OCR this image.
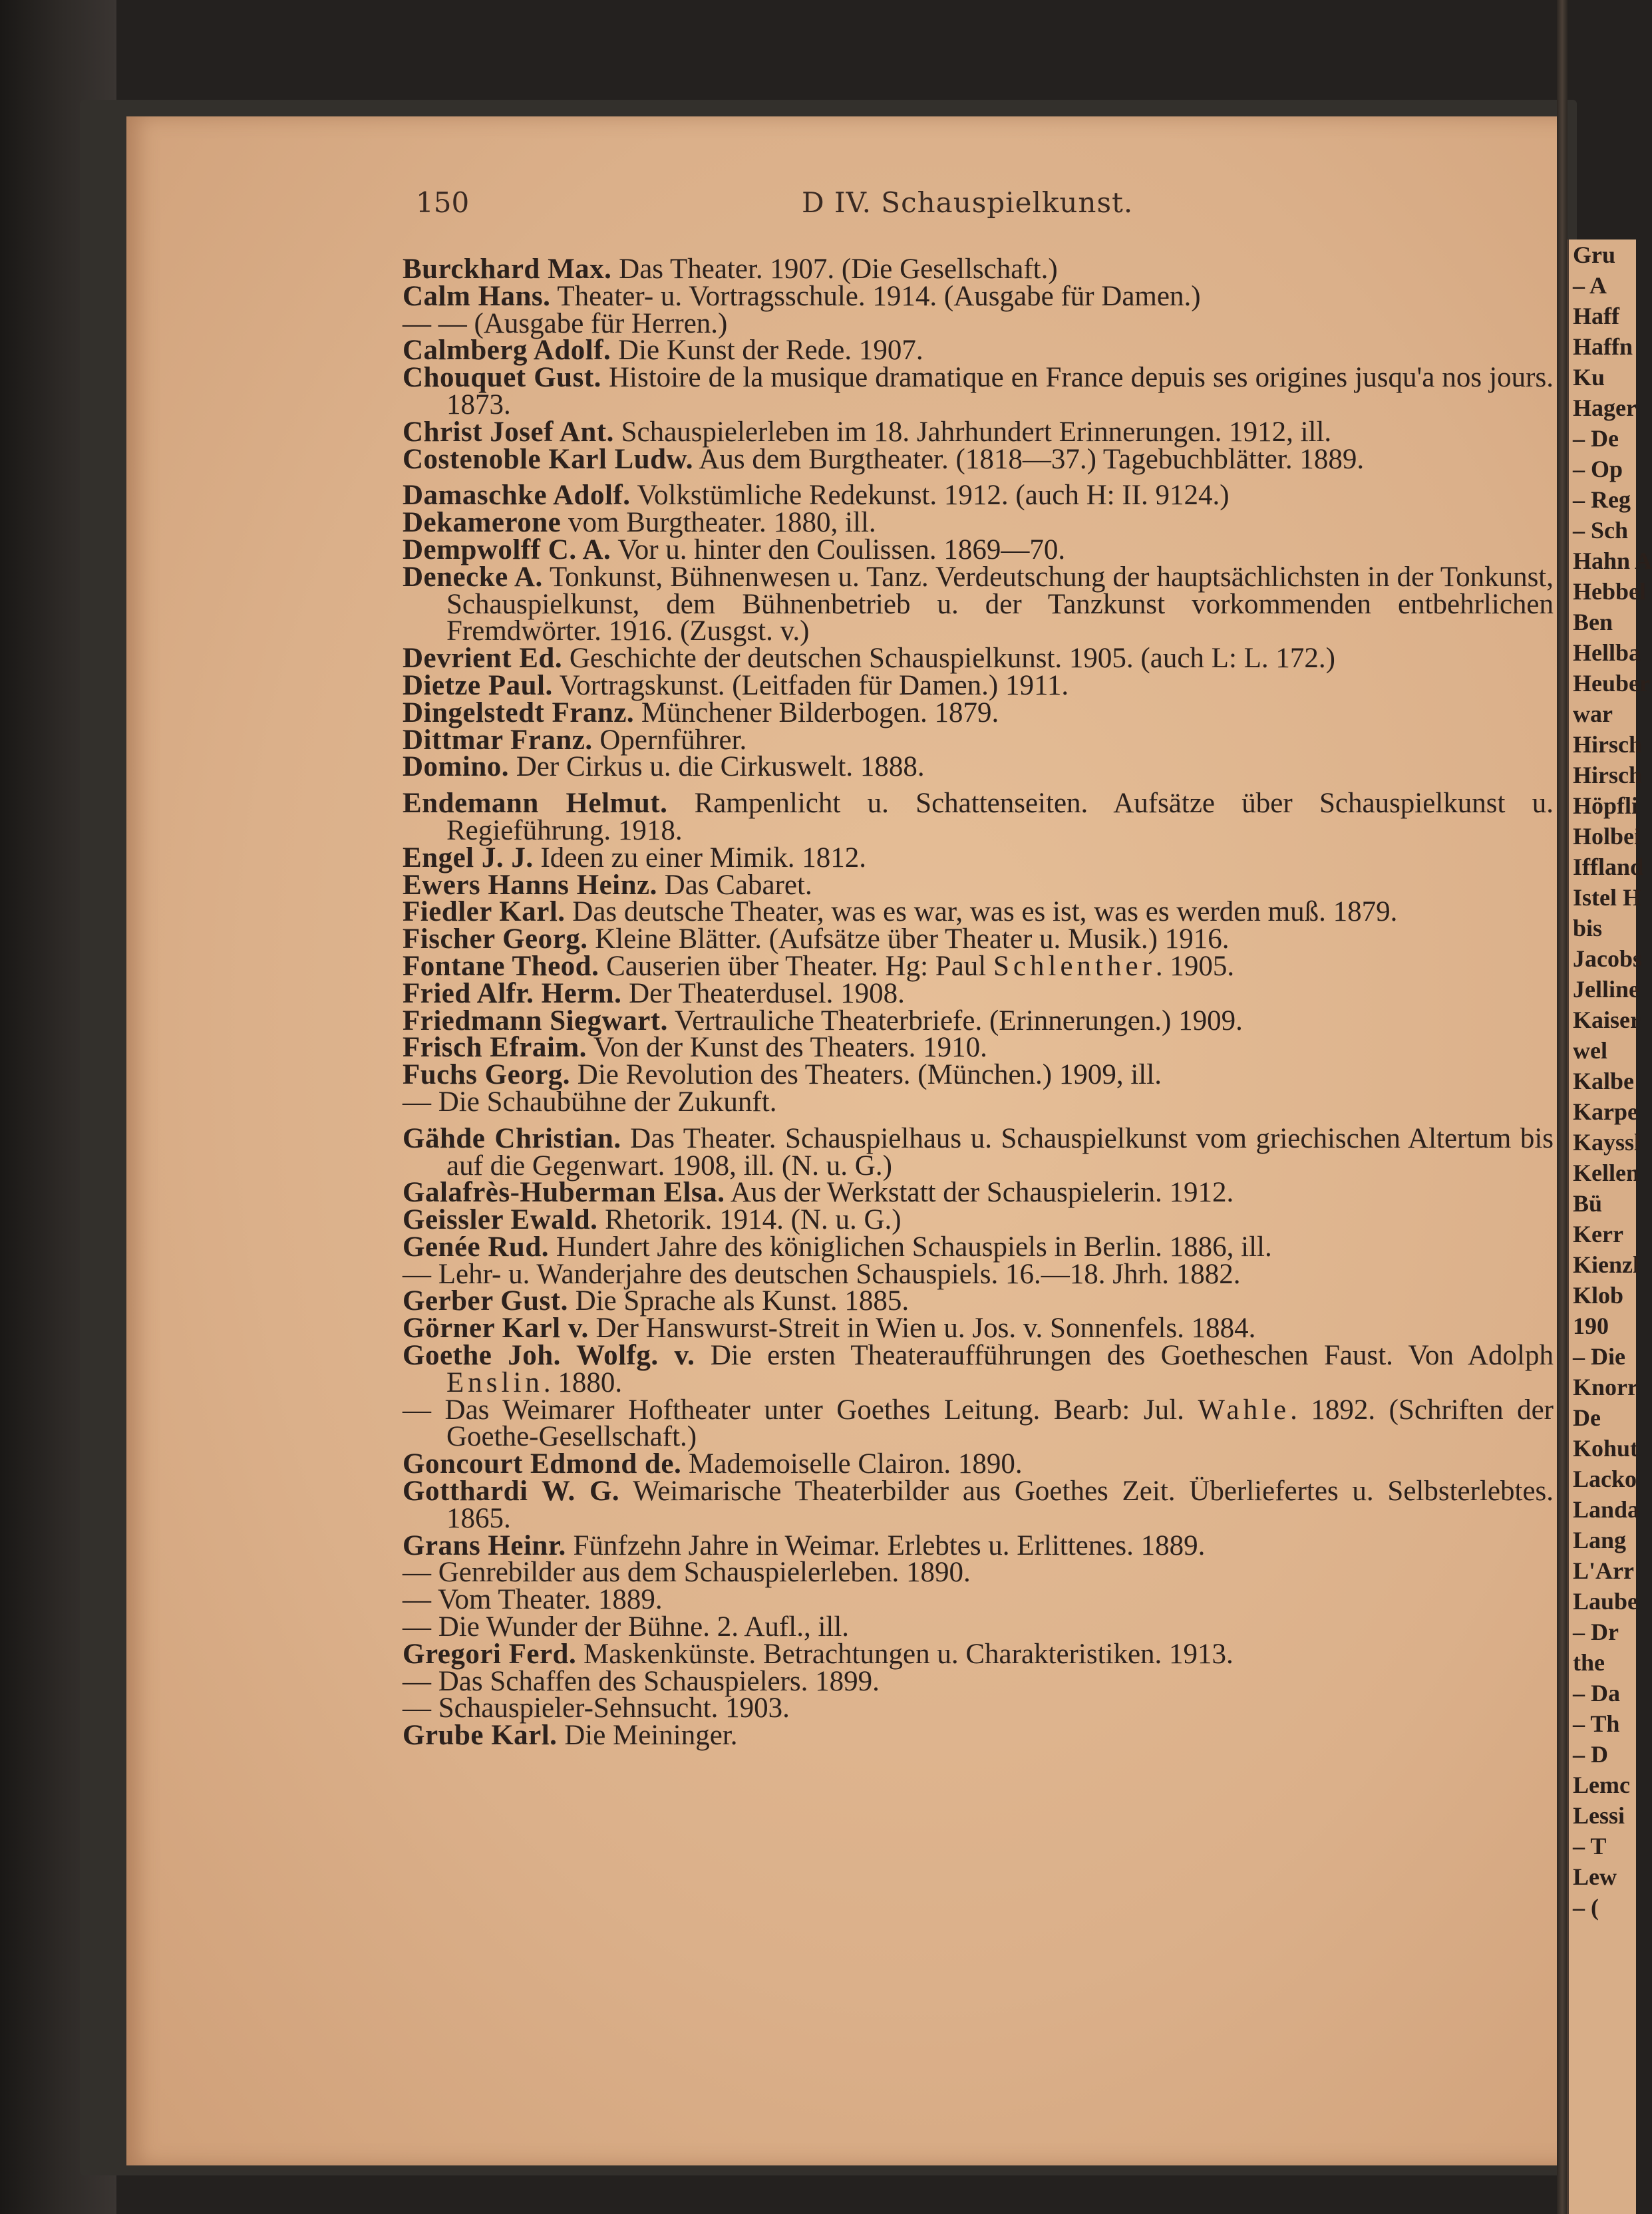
150	D IV. Schauspielkunst.
Burckhard Max. Das Theater. 1907. (Die Gesellschaft.)
Calm Hans. Theater- u. Vortragsschule. 1914. (Ausgabe für Damen.)
— — (Ausgabe für Herren.)
Calmberg Adolf. Die Kunst der Rede. 1907.
Chouquet Gust. Histoire de la musique dramatique en France depuis ses origines jusqu'a nos jours. 1873.
Christ Josef Ant. Schauspielerleben im 18. Jahrhundert Erinnerungen. 1912, ill.
Costenoble Karl Ludw. Aus dem Burgtheater. (1818—37.) Tagebuchblätter. 1889.
Damaschke Adolf. Volkstümliche Redekunst. 1912. (auch H: II. 9124.)
Dekamerone vom Burgtheater. 1880, ill.
Dempwolff C. A. Vor u. hinter den Coulissen. 1869—70.
Denecke A. Tonkunst, Bühnenwesen u. Tanz. Verdeutschung der hauptsächlichsten in der Tonkunst, Schauspielkunst, dem Bühnenbetrieb u. der Tanzkunst vorkommenden entbehrlichen Fremdwörter. 1916. (Zusgst. v.)
Devrient Ed. Geschichte der deutschen Schauspielkunst. 1905. (auch L: L. 172.)
Dietze Paul. Vortragskunst. (Leitfaden für Damen.) 1911.
Dingelstedt Franz. Münchener Bilderbogen. 1879.
Dittmar Franz. Opernführer.
Domino. Der Cirkus u. die Cirkuswelt. 1888.
Endemann Helmut. Rampenlicht u. Schattenseiten. Aufsätze über Schauspielkunst u. Regieführung. 1918.
Engel J. J. Ideen zu einer Mimik. 1812.
Ewers Hanns Heinz. Das Cabaret.
Fiedler Karl. Das deutsche Theater, was es war, was es ist, was es werden muß. 1879.
Fischer Georg. Kleine Blätter. (Aufsätze über Theater u. Musik.) 1916.
Fontane Theod. Causerien über Theater. Hg: Paul Schlenther. 1905.
Fried Alfr. Herm. Der Theaterdusel. 1908.
Friedmann Siegwart. Vertrauliche Theaterbriefe. (Erinnerungen.) 1909.
Frisch Efraim. Von der Kunst des Theaters. 1910.
Fuchs Georg. Die Revolution des Theaters. (München.) 1909, ill.
— Die Schaubühne der Zukunft.
Gähde Christian. Das Theater. Schauspielhaus u. Schauspielkunst vom griechischen Altertum bis auf die Gegenwart. 1908, ill. (N. u. G.)
Galafrès-Huberman Elsa. Aus der Werkstatt der Schauspielerin. 1912.
Geissler Ewald. Rhetorik. 1914. (N. u. G.)
Genée Rud. Hundert Jahre des königlichen Schauspiels in Berlin. 1886, ill.
— Lehr- u. Wanderjahre des deutschen Schauspiels. 16.—18. Jhrh. 1882.
Gerber Gust. Die Sprache als Kunst. 1885.
Görner Karl v. Der Hanswurst-Streit in Wien u. Jos. v. Sonnenfels. 1884.
Goethe Joh. Wolfg. v. Die ersten Theateraufführungen des Goetheschen Faust. Von Adolph Enslin. 1880.
— Das Weimarer Hoftheater unter Goethes Leitung. Bearb: Jul. Wahle. 1892. (Schriften der Goethe-Gesellschaft.)
Goncourt Edmond de. Mademoiselle Clairon. 1890.
Gotthardi W. G. Weimarische Theaterbilder aus Goethes Zeit. Überliefertes u. Selbsterlebtes. 1865.
Grans Heinr. Fünfzehn Jahre in Weimar. Erlebtes u. Erlittenes. 1889.
— Genrebilder aus dem Schauspielerleben. 1890.
— Vom Theater. 1889.
— Die Wunder der Bühne. 2. Aufl., ill.
Gregori Ferd. Maskenkünste. Betrachtungen u. Charakteristiken. 1913.
— Das Schaffen des Schauspielers. 1899.
— Schauspieler-Sehnsucht. 1903.
Grube Karl. Die Meininger.
Gru
– A
Haff
Haffn
Ku
Hager
– De
– Op
– Reg
– Sch
Hahn A
Hebbel
Ben
Hellba
Heuber
war
Hirsch
Hirsch
Höpfli
Holbei
Iffland
Istel H
bis
Jacobs
Jelline
Kaiser
wel
Kalbe
Karpe
Kayssl
Kellen
Bü
Kerr
Kienzl
Klob
190
– Die
Knorr
De
Kohut
Lacko
Landa
Lang
L'Arr
Laube
– Dr
the
– Da
– Th
– D
Lemc
Lessi
– T
Lew
– (
